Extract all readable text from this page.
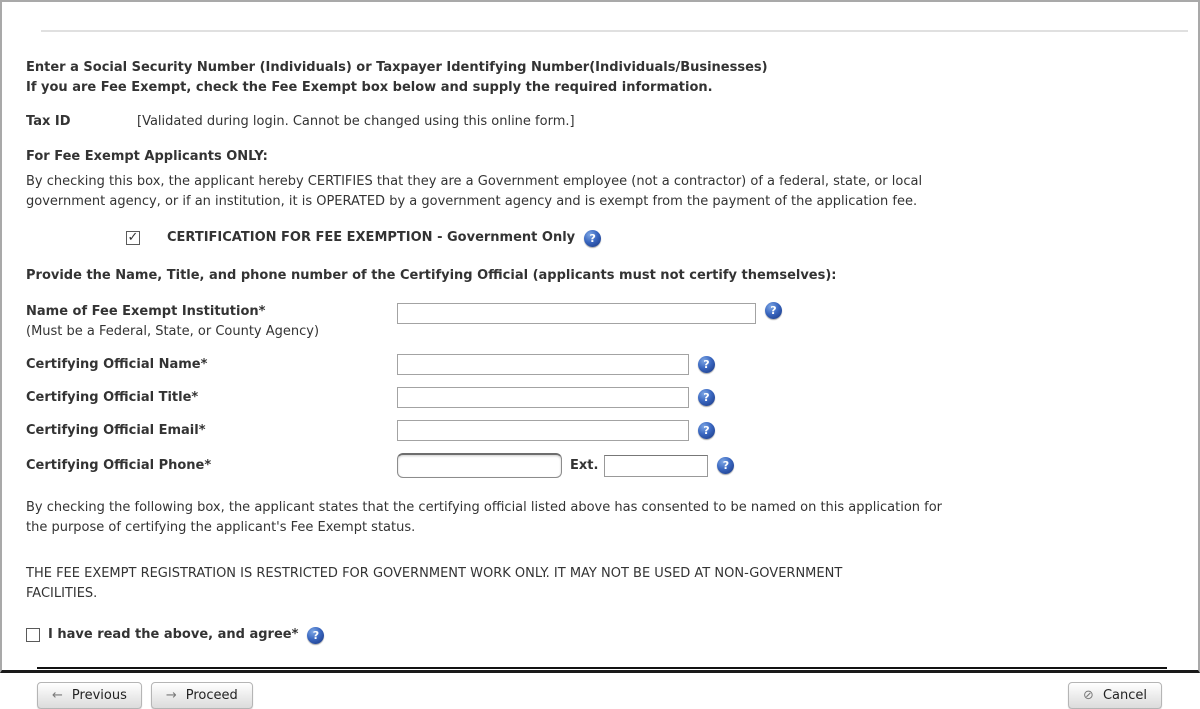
Enter a Social Security Number (Individuals) or Taxpayer Identifying Number(Individuals/Businesses)
If you are Fee Exempt, check the Fee Exempt box below and supply the required information.
Tax ID	[Validated during login. Cannot be changed using this online form.]
For Fee Exempt Applicants ONLY:

By checking this box, the applicant hereby CERTIFIES that they are a Government employee (not a contractor) of a federal, state, or local government agency, or if an institution, it is OPERATED by a government agency and is exempt from the payment of the application fee.

✓ CERTIFICATION FOR FEE EXEMPTION - Government Only	?
Provide the Name, Title, and phone number of the Certifying Official (applicants must not certify themselves):
Name of Fee Exempt Institution*
(Must be a Federal, State, or County Agency)
?
Certifying Official Name*	?
Certifying Official Title*	?
Certifying Official Email*	?
Certifying Official Phone*	Ext.	?

By checking the following box, the applicant states that the certifying official listed above has consented to be named on this application for the purpose of certifying the applicant's Fee Exempt status.

THE FEE EXEMPT REGISTRATION IS RESTRICTED FOR GOVERNMENT WORK ONLY. IT MAY NOT BE USED AT NON-GOVERNMENT FACILITIES.

I have read the above, and agree*	?
← Previous	→ Proceed	⊘ Cancel
